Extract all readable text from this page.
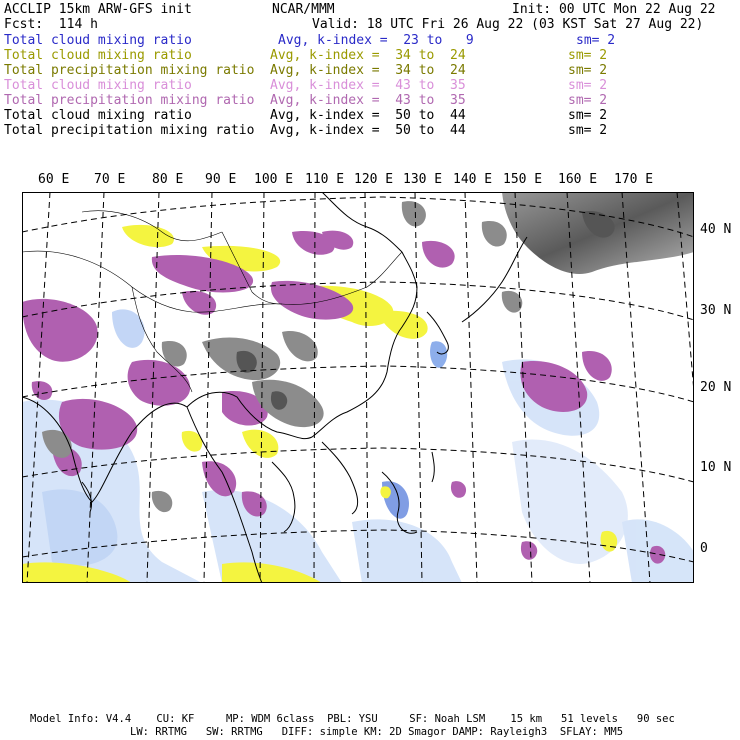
ACCLIP 15km ARW-GFS init	NCAR/MMM	Init: 00 UTC Mon 22 Aug 22
Fcst:  114 h	Valid: 18 UTC Fri 26 Aug 22 (03 KST Sat 27 Aug 22)
Total cloud mixing ratio	Avg, k-index =  23 to   9	sm= 2
Total cloud mixing ratio	Avg, k-index =  34 to  24	sm= 2
Total precipitation mixing ratio Avg, k-index =  34 to  24	sm= 2
Total cloud mixing ratio	Avg, k-index =  43 to  35	sm= 2
Total precipitation mixing ratio Avg, k-index =  43 to  35	sm= 2
Total cloud mixing ratio	Avg, k-index =  50 to  44	sm= 2
Total precipitation mixing ratio Avg, k-index =  50 to  44	sm= 2
60 E 70 E 80 E 90 E 100 E 110 E 120 E 130 E 140 E 150 E 160 E 170 E
40 N
30 N
20 N
10 N
0
Model Info: V4.4    CU: KF     MP: WDM 6class  PBL: YSU     SF: Noah LSM    15 km   51 levels   90 sec
LW: RRTMG   SW: RRTMG   DIFF: simple KM: 2D Smagor DAMP: Rayleigh3  SFLAY: MM5
